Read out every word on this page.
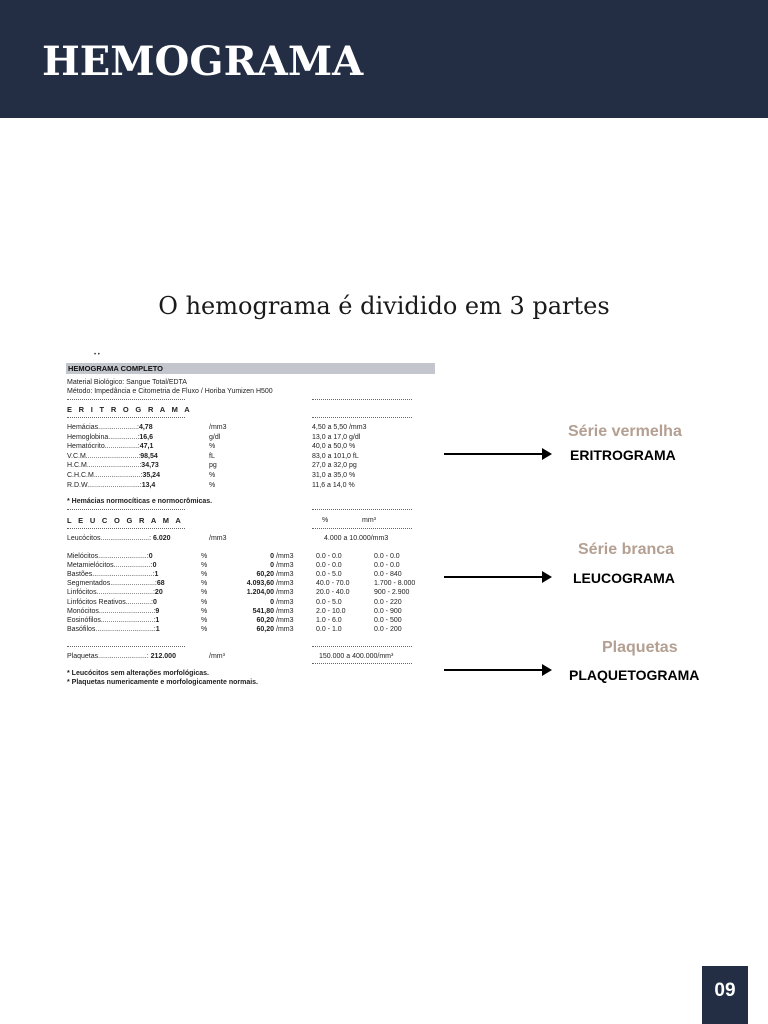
HEMOGRAMA
O hemograma é dividido em 3 partes
• •
HEMOGRAMA COMPLETO
Material Biológico: Sangue Total/EDTA
Método: Impedância e Citometria de Fluxo / Horiba Yumizen H500
E R I T R O G R A M A
Hemácias....................:4,78	/mm3	4,50 a 5,50 /mm3
Hemoglobina...............:16,6	g/dl	13,0 a 17,0 g/dl
Hematócrito.................:47,1	%	40,0 a 50,0 %
V.C.M...........................:98,54	fL	83,0 a 101,0 fL
H.C.M...........................:34,73	pg	27,0 a 32,0 pg
C.H.C.M........................:35,24	%	31,0 a 35,0 %
R.D.W...........................:13,4	%	11,6 a 14,0 %
* Hemácias normocíticas e normocrômicas.
L E U C O G R A M A	%	mm³
Leucócitos.........................: 6.020	/mm3	4.000 a 10.000/mm3
Mielócitos.........................:0	%	0 /mm3	0.0 - 0.0	0.0 - 0.0
Metamielócitos...................:0	%	0 /mm3	0.0 - 0.0	0.0 - 0.0
Bastões...............................:1	%	60,20 /mm3	0.0 - 5.0	0.0 - 840
Segmentados.......................:68	%	4.093,60 /mm3	40.0 - 70.0	1.700 - 8.000
Linfócitos.............................:20	%	1.204,00 /mm3	20.0 - 40.0	900 - 2.900
Linfócitos Reativos.............:0	%	0 /mm3	0.0 - 5.0	0.0 - 220
Monócitos............................:9	%	541,80 /mm3	2.0 - 10.0	0.0 - 900
Eosinófilos...........................:1	%	60,20 /mm3	1.0 - 6.0	0.0 - 500
Basófilos..............................:1	%	60,20 /mm3	0.0 - 1.0	0.0 - 200
Plaquetas.........................: 212.000	/mm³	150.000 a 400.000/mm³
* Leucócitos sem alterações morfológicas.
* Plaquetas numericamente e morfologicamente normais.
Série vermelha
ERITROGRAMA
Série branca
LEUCOGRAMA
Plaquetas
PLAQUETOGRAMA
09
